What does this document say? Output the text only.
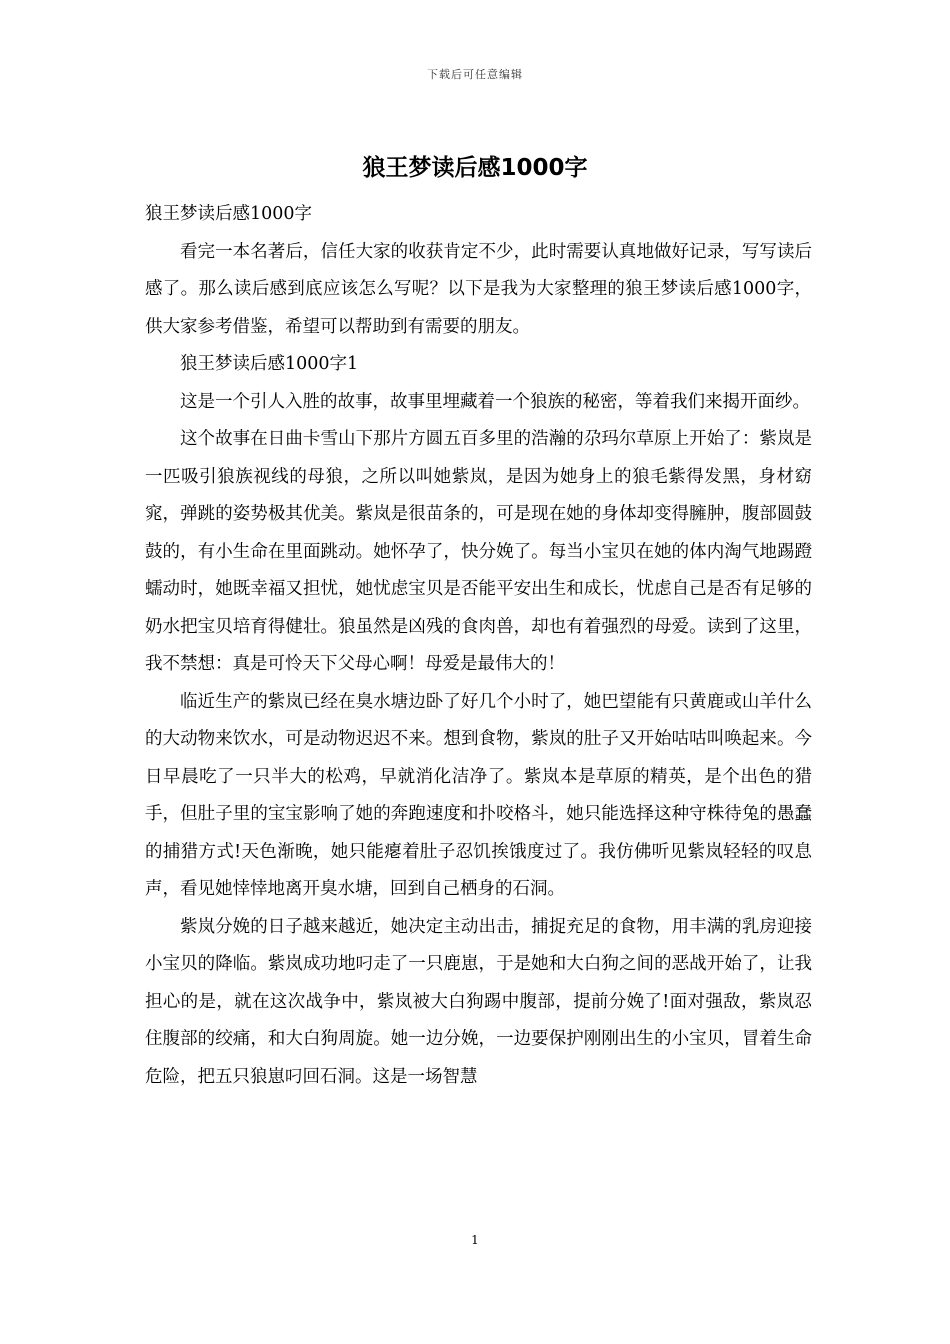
下载后可任意编辑
狼王梦读后感1000字

狼王梦读后感1000字

看完一本名著后，信任大家的收获肯定不少，此时需要认真地做好记录，写写读后感了。那么读后感到底应该怎么写呢？以下是我为大家整理的狼王梦读后感1000字，供大家参考借鉴，希望可以帮助到有需要的朋友。

狼王梦读后感1000字1

这是一个引人入胜的故事，故事里埋藏着一个狼族的秘密，等着我们来揭开面纱。

这个故事在日曲卡雪山下那片方圆五百多里的浩瀚的尕玛尔草原上开始了：紫岚是一匹吸引狼族视线的母狼，之所以叫她紫岚，是因为她身上的狼毛紫得发黑，身材窈窕，弹跳的姿势极其优美。紫岚是很苗条的，可是现在她的身体却变得臃肿，腹部圆鼓鼓的，有小生命在里面跳动。她怀孕了，快分娩了。每当小宝贝在她的体内淘气地踢蹬蠕动时，她既幸福又担忧，她忧虑宝贝是否能平安出生和成长，忧虑自己是否有足够的奶水把宝贝培育得健壮。狼虽然是凶残的食肉兽，却也有着强烈的母爱。读到了这里，我不禁想：真是可怜天下父母心啊！母爱是最伟大的！

临近生产的紫岚已经在臭水塘边卧了好几个小时了，她巴望能有只黄鹿或山羊什么的大动物来饮水，可是动物迟迟不来。想到食物，紫岚的肚子又开始咕咕叫唤起来。今日早晨吃了一只半大的松鸡，早就消化洁净了。紫岚本是草原的精英，是个出色的猎手，但肚子里的宝宝影响了她的奔跑速度和扑咬格斗，她只能选择这种守株待兔的愚蠢的捕猎方式!天色渐晚，她只能瘪着肚子忍饥挨饿度过了。我仿佛听见紫岚轻轻的叹息声，看见她悻悻地离开臭水塘，回到自己栖身的石洞。

紫岚分娩的日子越来越近，她决定主动出击，捕捉充足的食物，用丰满的乳房迎接小宝贝的降临。紫岚成功地叼走了一只鹿崽，于是她和大白狗之间的恶战开始了，让我担心的是，就在这次战争中，紫岚被大白狗踢中腹部，提前分娩了!面对强敌，紫岚忍住腹部的绞痛，和大白狗周旋。她一边分娩，一边要保护刚刚出生的小宝贝，冒着生命危险，把五只狼崽叼回石洞。这是一场智慧

1
